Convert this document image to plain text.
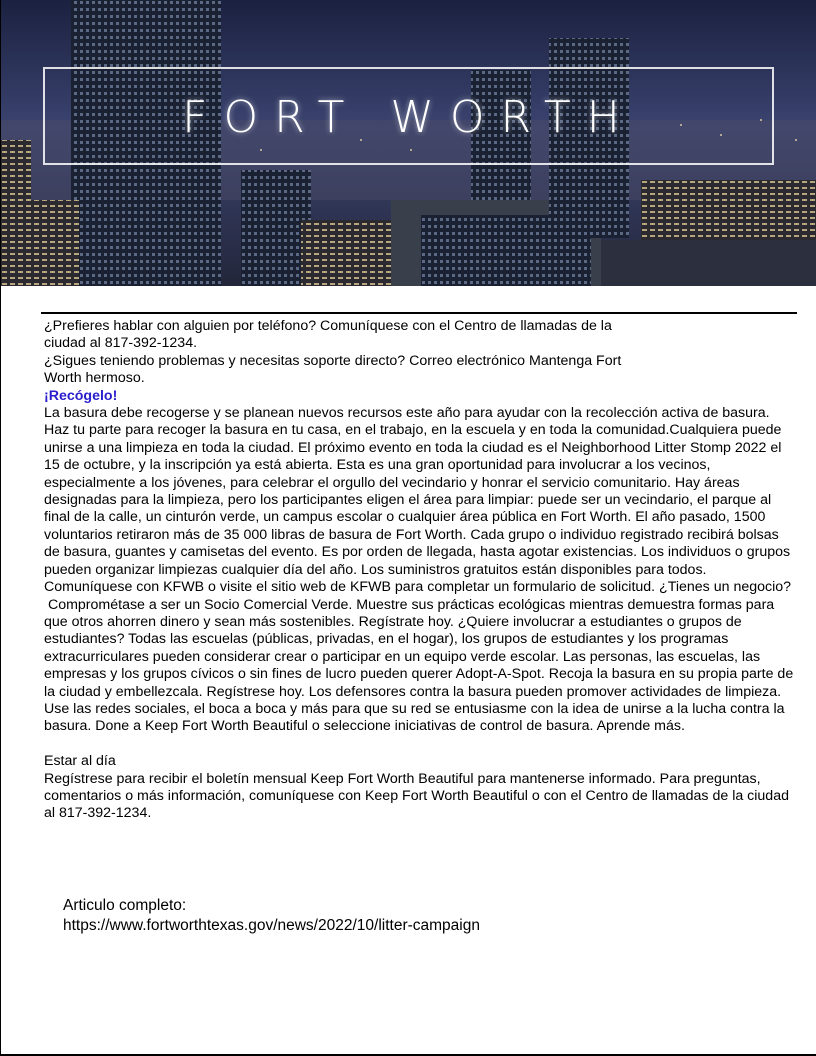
FORT WORTH

¿Prefieres hablar con alguien por teléfono? Comuníquese con el Centro de llamadas de la

ciudad al 817-392-1234.

¿Sigues teniendo problemas y necesitas soporte directo? Correo electrónico Mantenga Fort

Worth hermoso.

¡Recógelo!

La basura debe recogerse y se planean nuevos recursos este año para ayudar con la recolección activa de basura.

Haz tu parte para recoger la basura en tu casa, en el trabajo, en la escuela y en toda la comunidad.Cualquiera puede unirse a una limpieza en toda la ciudad. El próximo evento en toda la ciudad es el Neighborhood Litter Stomp 2022 el 15 de octubre, y la inscripción ya está abierta. Esta es una gran oportunidad para involucrar a los vecinos, especialmente a los jóvenes, para celebrar el orgullo del vecindario y honrar el servicio comunitario. Hay áreas designadas para la limpieza, pero los participantes eligen el área para limpiar: puede ser un vecindario, el parque al final de la calle, un cinturón verde, un campus escolar o cualquier área pública en Fort Worth. El año pasado, 1500 voluntarios retiraron más de 35 000 libras de basura de Fort Worth. Cada grupo o individuo registrado recibirá bolsas de basura, guantes y camisetas del evento. Es por orden de llegada, hasta agotar existencias. Los individuos o grupos pueden organizar limpiezas cualquier día del año. Los suministros gratuitos están disponibles para todos. Comuníquese con KFWB o visite el sitio web de KFWB para completar un formulario de solicitud. ¿Tienes un negocio?

Comprométase a ser un Socio Comercial Verde. Muestre sus prácticas ecológicas mientras demuestra formas para que otros ahorren dinero y sean más sostenibles. Regístrate hoy. ¿Quiere involucrar a estudiantes o grupos de estudiantes? Todas las escuelas (públicas, privadas, en el hogar), los grupos de estudiantes y los programas extracurriculares pueden considerar crear o participar en un equipo verde escolar. Las personas, las escuelas, las empresas y los grupos cívicos o sin fines de lucro pueden querer Adopt-A-Spot. Recoja la basura en su propia parte de la ciudad y embellezcala. Regístrese hoy. Los defensores contra la basura pueden promover actividades de limpieza. Use las redes sociales, el boca a boca y más para que su red se entusiasme con la idea de unirse a la lucha contra la basura. Done a Keep Fort Worth Beautiful o seleccione iniciativas de control de basura. Aprende más.

Estar al día

Regístrese para recibir el boletín mensual Keep Fort Worth Beautiful para mantenerse informado. Para preguntas, comentarios o más información, comuníquese con Keep Fort Worth Beautiful o con el Centro de llamadas de la ciudad al 817-392-1234.

Articulo completo:
https://www.fortworthtexas.gov/news/2022/10/litter-campaign
